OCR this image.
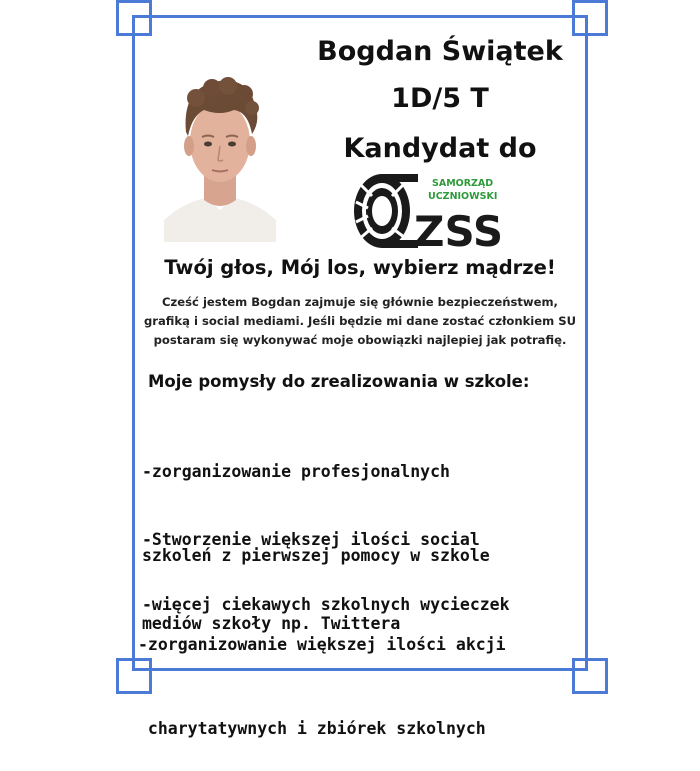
Bogdan Świątek
1D/5 T
Kandydat do
SAMORZĄD
UCZNIOWSKI
ZSS
Twój głos, Mój los, wybierz mądrze!
Cześć jestem Bogdan zajmuje się głównie bezpieczeństwem,
grafiką i social mediami. Jeśli będzie mi dane zostać członkiem SU
postaram się wykonywać moje obowiązki najlepiej jak potrafię.
Moje pomysły do zrealizowania w szkole:

-zorganizowanie profesjonalnych

szkoleń z pierwszej pomocy w szkole

-Stworzenie większej ilości social

mediów szkoły np. Twittera

-więcej ciekawych szkolnych wycieczek

-zorganizowanie większej ilości akcji

charytatywnych i zbiórek szkolnych
